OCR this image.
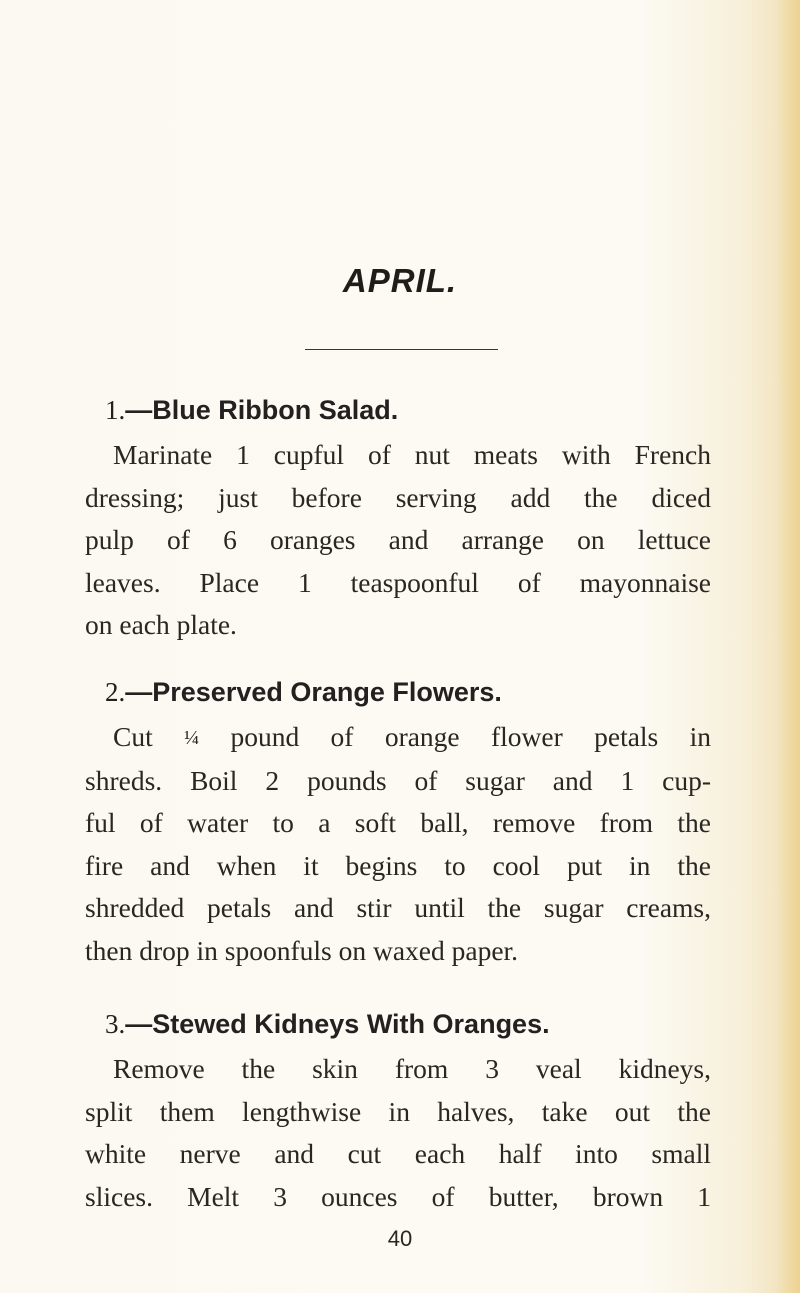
APRIL.
1.—Blue Ribbon Salad.
Marinate 1 cupful of nut meats with French
dressing; just before serving add the diced
pulp of 6 oranges and arrange on lettuce
leaves. Place 1 teaspoonful of mayonnaise
on each plate.
2.—Preserved Orange Flowers.
Cut ¼ pound of orange flower petals in
shreds. Boil 2 pounds of sugar and 1 cup-
ful of water to a soft ball, remove from the
fire and when it begins to cool put in the
shredded petals and stir until the sugar creams,
then drop in spoonfuls on waxed paper.
3.—Stewed Kidneys With Oranges.
Remove the skin from 3 veal kidneys,
split them lengthwise in halves, take out the
white nerve and cut each half into small
slices. Melt 3 ounces of butter, brown 1
40
